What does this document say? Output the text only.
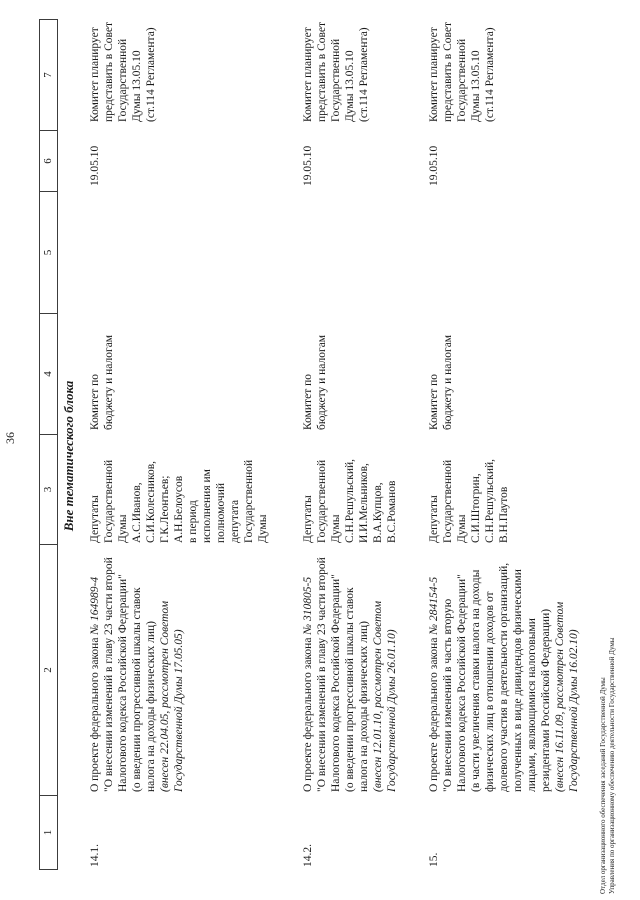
36
1
2
3
4
5
6
7
Вне тематического блока
14.1.
О проекте федерального закона № 164989-4 "О внесении изменений в главу 23 части второй Налогового кодекса Российской Федерации" (о введении прогрессивной шкалы ставок налога на доходы физических лиц) (внесен 22.04.05, рассмотрен Советом Государственной Думы 17.05.05)
Депутаты Государственной Думы А.С.Иванов, С.И.Колесников, Г.К.Леонтьев; А.Н.Белоусов в период исполнения им полномочий депутата Государственной Думы
Комитет по бюджету и налогам
Комитет планирует представить в Совет Государственной Думы 13.05.10 (ст.114 Регламента)
19.05.10
14.2.
О проекте федерального закона № 310805-5 "О внесении изменений в главу 23 части второй Налогового кодекса Российской Федерации" (о введении прогрессивной шкалы ставок налога на доходы физических лиц) (внесен 12.01.10, рассмотрен Советом Государственной Думы 26.01.10)
Депутаты Государственной Думы С.Н.Решульский, И.И.Мельников, В.А.Купцов, В.С.Романов
Комитет по бюджету и налогам
Комитет планирует представить в Совет Государственной Думы 13.05.10 (ст.114 Регламента)
19.05.10
15.
О проекте федерального закона № 284154-5 "О внесении изменений в часть вторую Налогового кодекса Российской Федерации" (в части увеличения ставки налога на доходы физических лиц в отношении доходов от долевого участия в деятельности организаций, полученных в виде дивидендов физическими лицами, являющимися налоговыми резидентами Российской Федерации) (внесен 16.11.09, рассмотрен Советом Государственной Думы 16.02.10)
Депутаты Государственной Думы С.И.Штогрин, С.Н.Решульский, В.Н.Паутов
Комитет по бюджету и налогам
Комитет планирует представить в Совет Государственной Думы 13.05.10 (ст.114 Регламента)
19.05.10
Отдел организационного обеспечения заседаний Государственной Думы Управления по организационному обеспечению деятельности Государственной Думы
